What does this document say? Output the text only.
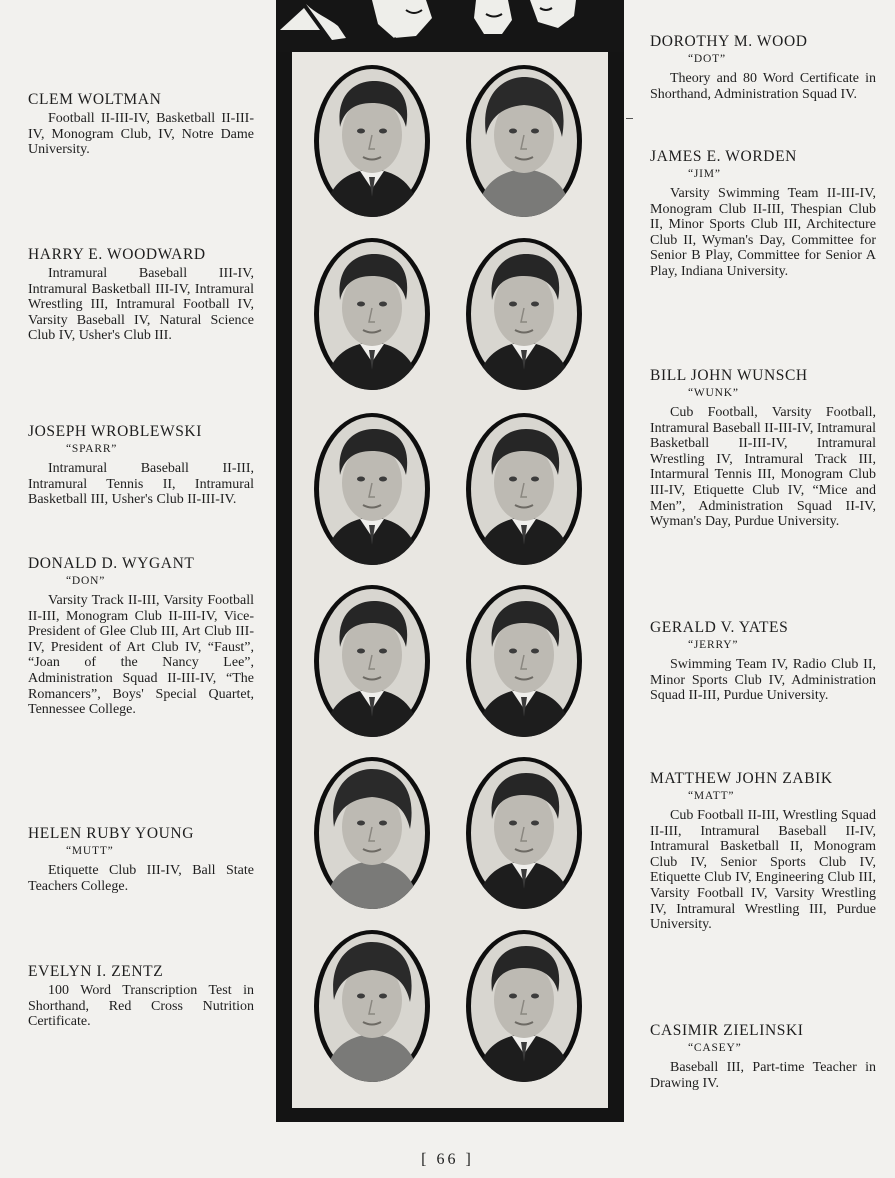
CLEM WOLTMAN
Football II-III-IV, Basketball II-III-IV, Monogram Club, IV, Notre Dame University.
HARRY E. WOODWARD
Intramural Baseball III-IV, Intramural Basketball III-IV, Intramural Wrestling III, Intramural Football IV, Varsity Baseball IV, Natural Science Club IV, Usher's Club III.
JOSEPH WROBLEWSKI
“SPARR”
Intramural Baseball II-III, Intramural Tennis II, Intramural Basketball III, Usher's Club II-III-IV.
DONALD D. WYGANT
“DON”
Varsity Track II-III, Varsity Football II-III, Monogram Club II-III-IV, Vice-President of Glee Club III, Art Club III-IV, President of Art Club IV, “Faust”, “Joan of the Nancy Lee”, Administration Squad II-III-IV, “The Romancers”, Boys' Special Quartet, Tennessee College.
HELEN RUBY YOUNG
“MUTT”
Etiquette Club III-IV, Ball State Teachers College.
EVELYN I. ZENTZ
100 Word Transcription Test in Shorthand, Red Cross Nutrition Certificate.
DOROTHY M. WOOD
“DOT”
Theory and 80 Word Certificate in Shorthand, Administration Squad IV.
JAMES E. WORDEN
“JIM”
Varsity Swimming Team II-III-IV, Monogram Club II-III, Thespian Club II, Minor Sports Club III, Architecture Club II, Wyman's Day, Committee for Senior B Play, Committee for Senior A Play, Indiana University.
BILL JOHN WUNSCH
“WUNK”
Cub Football, Varsity Football, Intramural Baseball II-III-IV, Intramural Basketball II-III-IV, Intramural Wrestling IV, Intramural Track III, Intarmural Tennis III, Monogram Club III-IV, Etiquette Club IV, “Mice and Men”, Administration Squad II-IV, Wyman's Day, Purdue University.
GERALD V. YATES
“JERRY”
Swimming Team IV, Radio Club II, Minor Sports Club IV, Administration Squad II-III, Purdue University.
MATTHEW JOHN ZABIK
“MATT”
Cub Football II-III, Wrestling Squad II-III, Intramural Baseball II-IV, Intramural Basketball II, Monogram Club IV, Senior Sports Club IV, Etiquette Club IV, Engineering Club III, Varsity Football IV, Varsity Wrestling IV, Intramural Wrestling III, Purdue University.
CASIMIR ZIELINSKI
“CASEY”
Baseball III, Part-time Teacher in Drawing IV.
[ 66 ]
